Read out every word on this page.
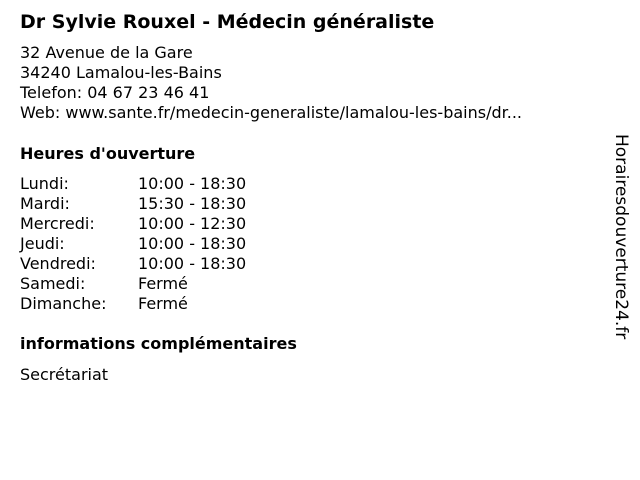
Dr Sylvie Rouxel - Médecin généraliste
32 Avenue de la Gare
34240 Lamalou-les-Bains
Telefon: 04 67 23 46 41
Web: www.sante.fr/medecin-generaliste/lamalou-les-bains/dr...
Heures d'ouverture
Lundi:	10:00 - 18:30
Mardi:	15:30 - 18:30
Mercredi:	10:00 - 12:30
Jeudi:	10:00 - 18:30
Vendredi:	10:00 - 18:30
Samedi:	Fermé
Dimanche: Fermé
informations complémentaires
Secrétariat
Horairesdouverture24.fr
